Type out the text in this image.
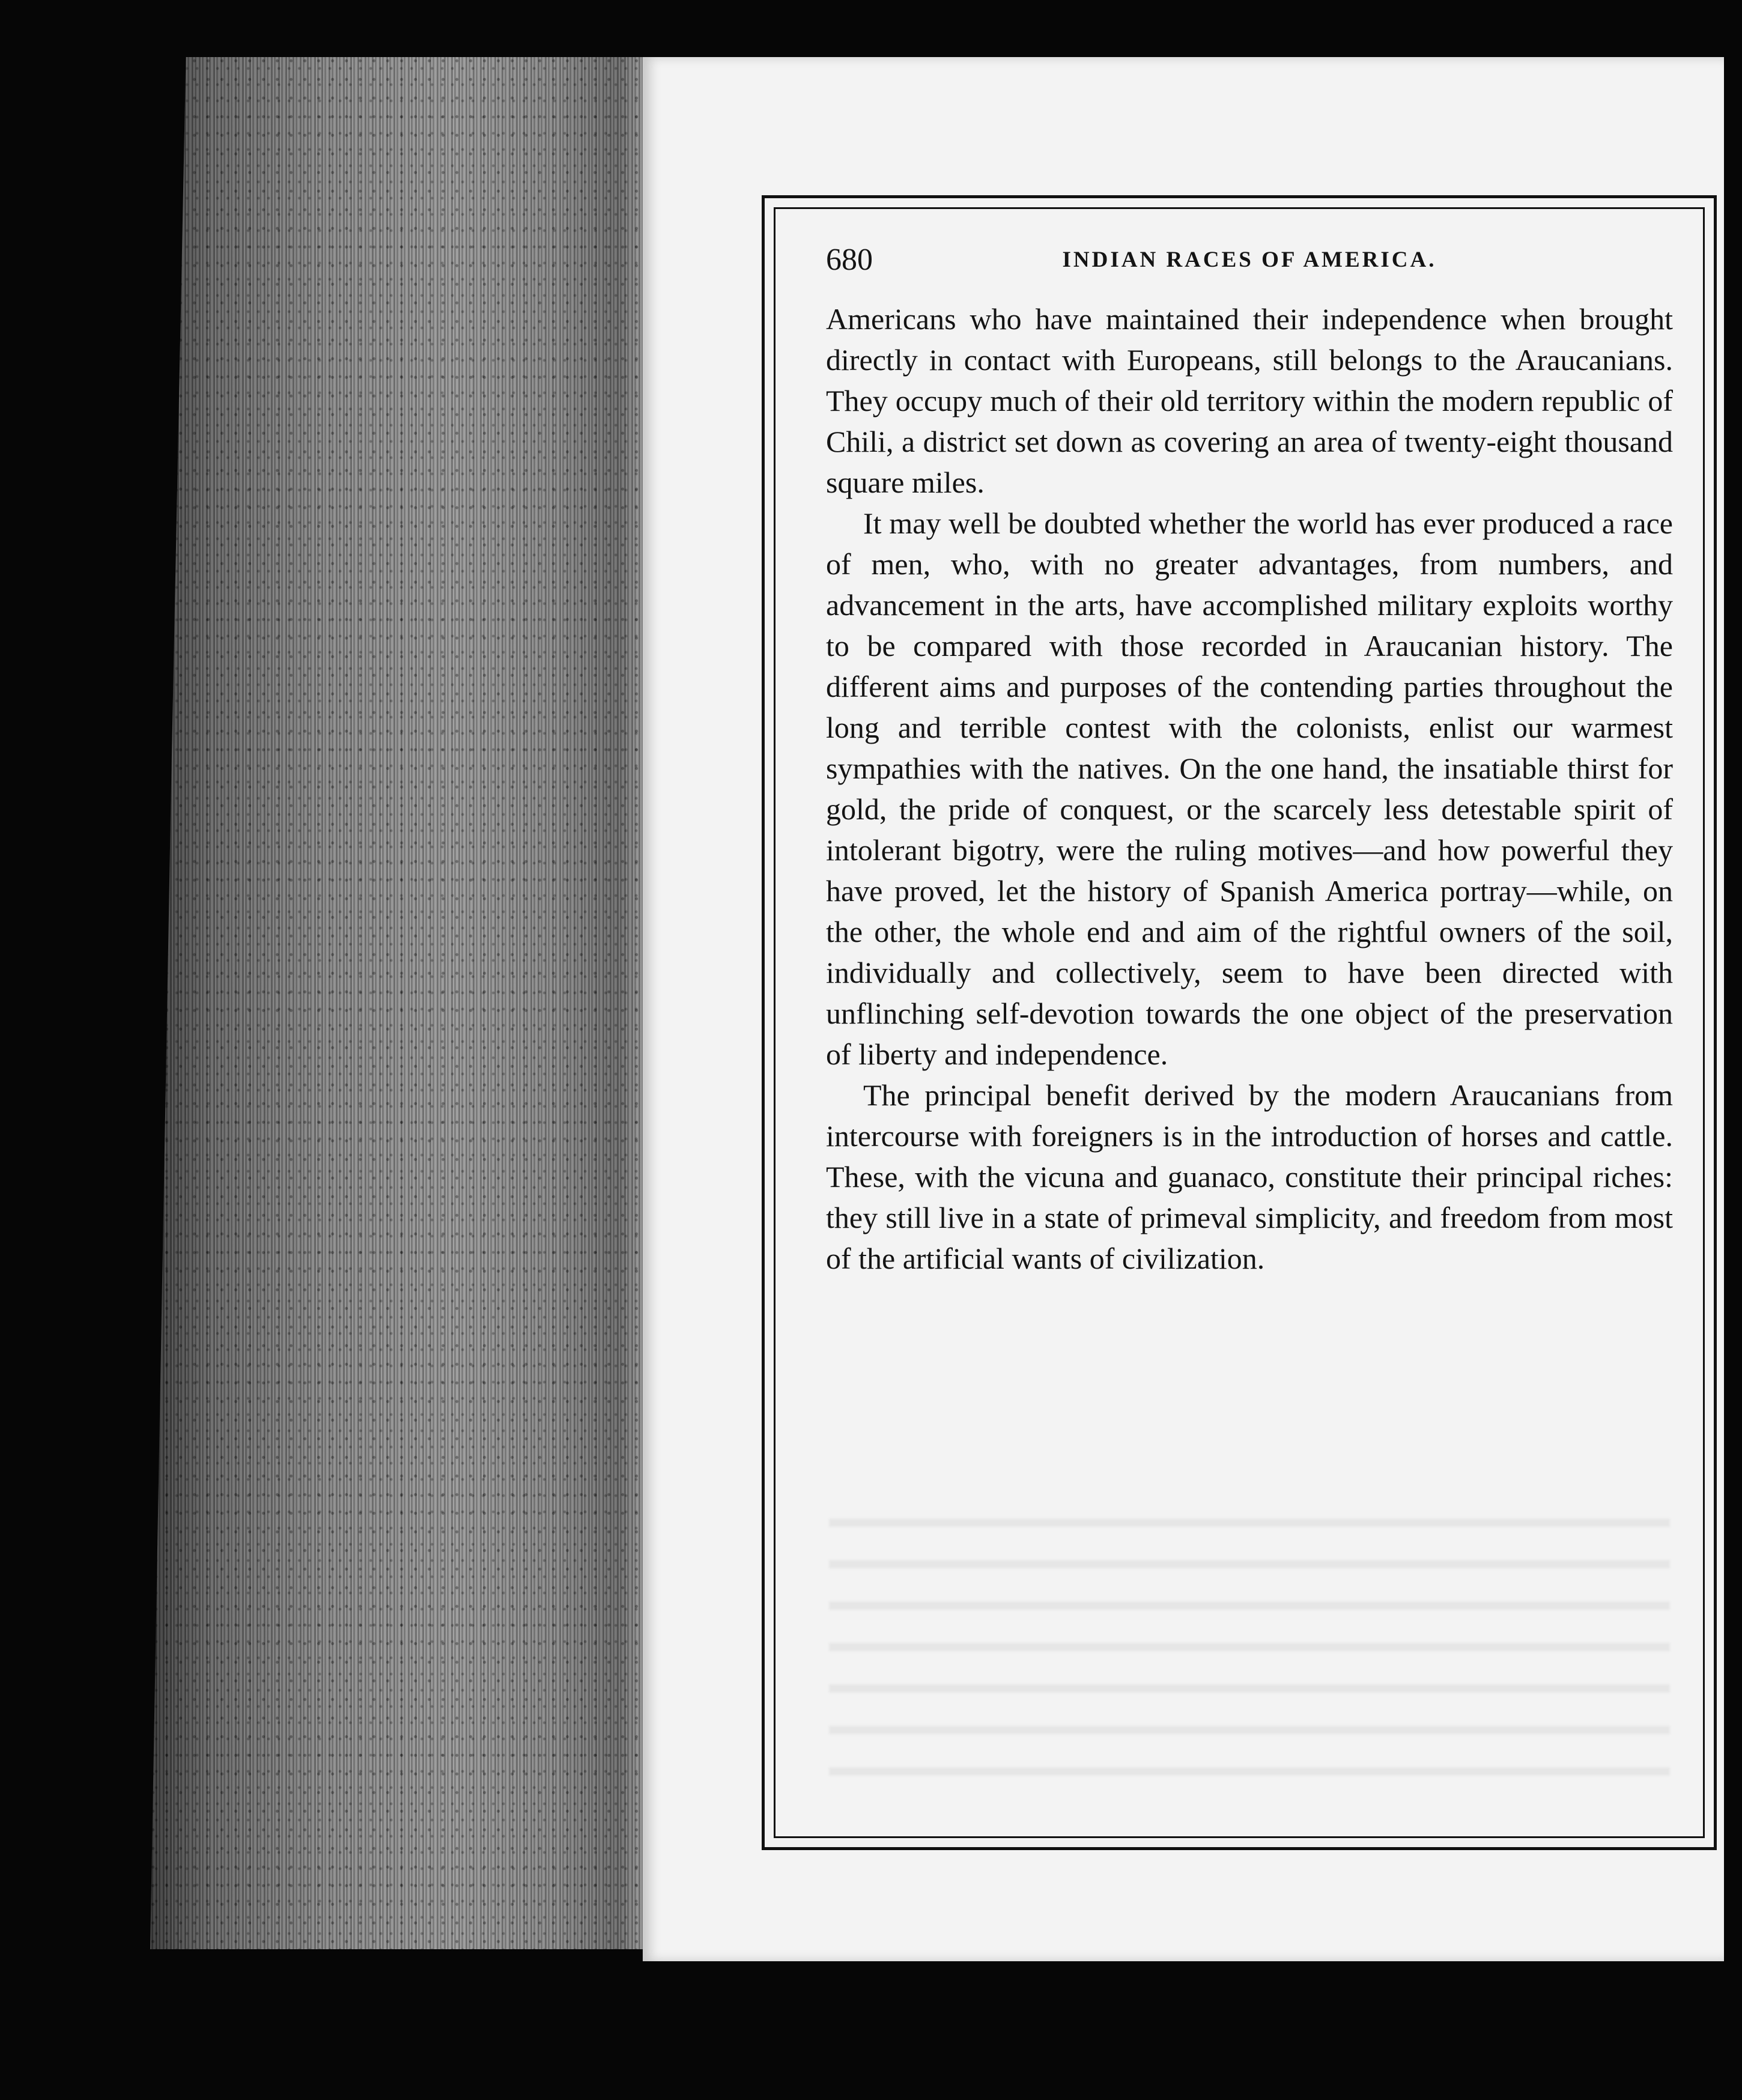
680	INDIAN RACES OF AMERICA.

Americans who have maintained their independence when brought directly in contact with Europeans, still belongs to the Araucanians. They occupy much of their old territory within the modern republic of Chili, a district set down as covering an area of twenty-eight thousand square miles.

It may well be doubted whether the world has ever produced a race of men, who, with no greater advantages, from numbers, and advancement in the arts, have accomplished military exploits worthy to be compared with those recorded in Araucanian history. The different aims and purposes of the contending parties throughout the long and terrible contest with the colonists, enlist our warmest sympathies with the natives. On the one hand, the insatiable thirst for gold, the pride of conquest, or the scarcely less detestable spirit of intolerant bigotry, were the ruling motives—and how powerful they have proved, let the history of Spanish America portray—while, on the other, the whole end and aim of the rightful owners of the soil, individually and collectively, seem to have been directed with unflinching self-devotion towards the one object of the preservation of liberty and independence.

The principal benefit derived by the modern Araucanians from intercourse with foreigners is in the introduction of horses and cattle. These, with the vicuna and guanaco, constitute their principal riches: they still live in a state of primeval simplicity, and freedom from most of the artificial wants of civilization.
